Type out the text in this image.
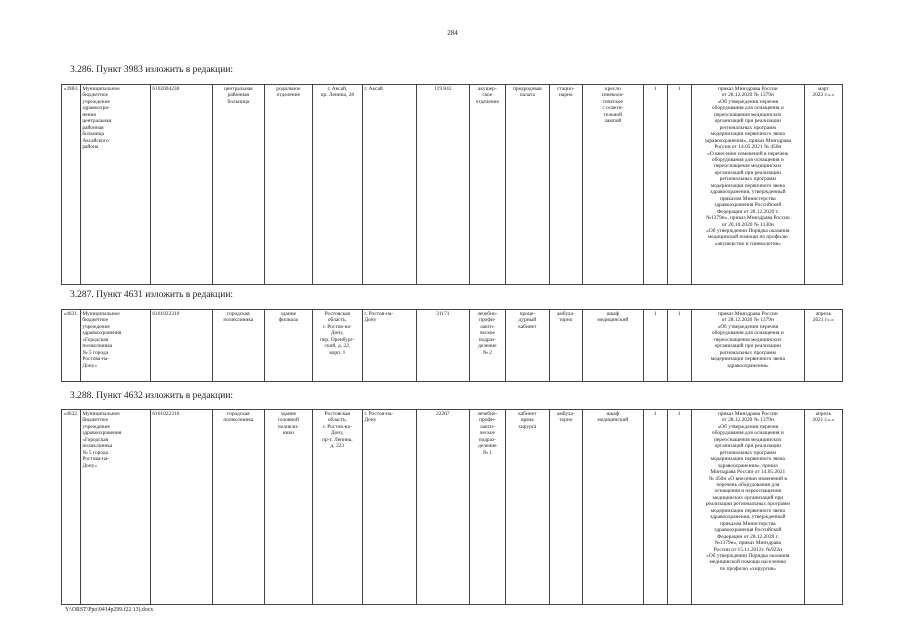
284
3.286. Пункт 3983 изложить в редакции:
«3983.	Муниципальное
бюджетное
учреждение
здравоохра-
нения
центральная
районная
больница
Аксайского
района	6102004238	центральная
районная
больница	родильное
отделение	г. Аксай,
пр. Ленина, 28	г. Аксай	119 843	акушер-
ское
отделение	предродовая
палата	стацио-
нарно	кресло
гинеколо-
гическое
с освети-
тельной
лампой	1	1	приказ Минздрава России
от 28.12.2020 № 1379н
«Об утверждении перечня
оборудования для оснащения и
переоснащения медицинских
организаций при реализации
региональных программ
модернизации первичного звена
здравоохранения», приказ Минздрава
России от 14.05.2021 № 450н
«О внесении изменений в перечень
оборудования для оснащения и
переоснащения медицинских
организаций при реализации
региональных программ
модернизации первичного звена
здравоохранения, утвержденный
приказом Министерства
здравоохранения Российской
Федерации от 28.12.2020 г.
№1379н», приказ Минздрава России
от 20.10.2020 № 1130н
«Об утверждении Порядка оказания
медицинской помощи по профилю
«акушерство и гинекология»	март
2022 г.».»
3.287. Пункт 4631 изложить в редакции:
«4631.	Муниципальное
бюджетное
учреждение
здравоохранения
«Городская
поликлиника
№ 5 города
Ростова-на-
Дону»	6161022310	городская
поликлиника	здание
филиала	Ростовская
область,
г. Ростов-на-
Дону,
пер. Оренбург-
ский, д. 22,
корп. 1	г. Ростов-на-
Дону	31171	лечебно-
профи-
лакти-
ческое
подраз-
деление
№ 2	процe-
дурный
кабинет	амбула-
торно	шкаф
медицинский	1	1	приказ Минздрава России
от 28.12.2020 № 1379н
«Об утверждении перечня
оборудования для оснащения и
переоснащения медицинских
организаций при реализации
региональных программ
модернизации первичного звена
здравоохранения»	апрель
2021 г».»
3.288. Пункт 4632 изложить в редакции:
«4632.	Муниципальное
бюджетное
учреждение
здравоохранения
«Городская
поликлиника
№ 5 города
Ростова-на-
Дону»	6161022310	городская
поликлиника	здание
головной
поликли-
ники	Ростовская
область,
г. Ростов-на-
Дону,
пр-т. Ленина,
д. 223	г. Ростов-на-
Дону	22267	лечебно-
профи-
лакти-
ческое
подраз-
деление
№ 1	кабинет
врача
хирурга	амбула-
торно	шкаф
медицинский	1	1	приказ Минздрава России
от 28.12.2020 № 1379н
«Об утверждении перечня
оборудования для оснащения и
переоснащения медицинских
организаций при реализации
региональных программ
модернизации первичного звена
здравоохранения», приказ
Минздрава России от 14.05.2021
№ 450н «О внесении изменений в
перечень оборудования для
оснащения и переоснащения
медицинских организаций при
реализации региональных программ
модернизации первичного звена
здравоохранения, утвержденный
приказом Министерства
здравоохранения Российской
Федерации от 28.12.2020 г.
№1379н», приказ Минздрава
России от 15.11.2012г. №922н
«Об утверждении Порядка оказания
медицинской помощи населению
по профилю «хирургия»	апрель
2021 г.».»
Y:\ORST\Ppo\0414p299.f22 13).docx
